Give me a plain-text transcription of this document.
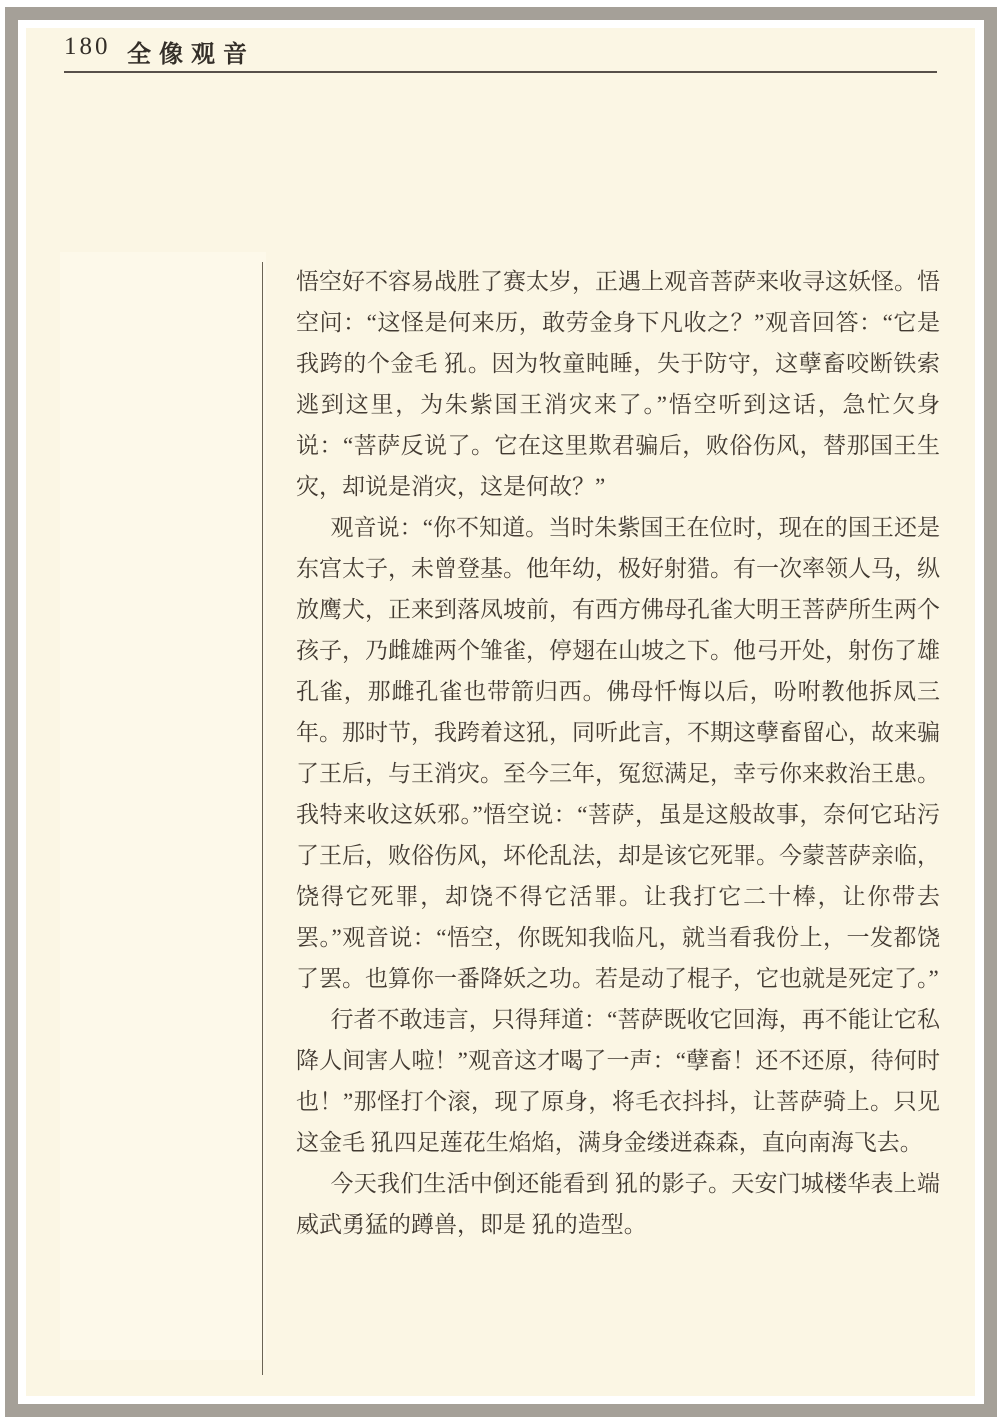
180 全像观音

悟空好不容易战胜了赛太岁，正遇上观音菩萨来收寻这妖怪。悟空问：“这怪是何来历，敢劳金身下凡收之？”观音回答：“它是我跨的个金毛 犼。因为牧童盹睡，失于防守，这孽畜咬断铁索逃到这里，为朱紫国王消灾来了。”悟空听到这话，急忙欠身说：“菩萨反说了。它在这里欺君骗后，败俗伤风，替那国王生灾，却说是消灾，这是何故？”

观音说：“你不知道。当时朱紫国王在位时，现在的国王还是东宫太子，未曾登基。他年幼，极好射猎。有一次率领人马，纵放鹰犬，正来到落凤坡前，有西方佛母孔雀大明王菩萨所生两个孩子，乃雌雄两个雏雀，停翅在山坡之下。他弓开处，射伤了雄孔雀，那雌孔雀也带箭归西。佛母忏悔以后，吩咐教他拆凤三年。那时节，我跨着这犼，同听此言，不期这孽畜留心，故来骗了王后，与王消灾。至今三年，冤愆满足，幸亏你来救治王患。我特来收这妖邪。”悟空说：“菩萨，虽是这般故事，奈何它玷污了王后，败俗伤风，坏伦乱法，却是该它死罪。今蒙菩萨亲临，饶得它死罪，却饶不得它活罪。让我打它二十棒，让你带去罢。”观音说：“悟空，你既知我临凡，就当看我份上，一发都饶了罢。也算你一番降妖之功。若是动了棍子，它也就是死定了。”

行者不敢违言，只得拜道：“菩萨既收它回海，再不能让它私降人间害人啦！”观音这才喝了一声：“孽畜！还不还原，待何时也！”那怪打个滚，现了原身，将毛衣抖抖，让菩萨骑上。只见这金毛 犼四足莲花生焰焰，满身金缕迸森森，直向南海飞去。

今天我们生活中倒还能看到 犼的影子。天安门城楼华表上端威武勇猛的蹲兽，即是 犼的造型。
